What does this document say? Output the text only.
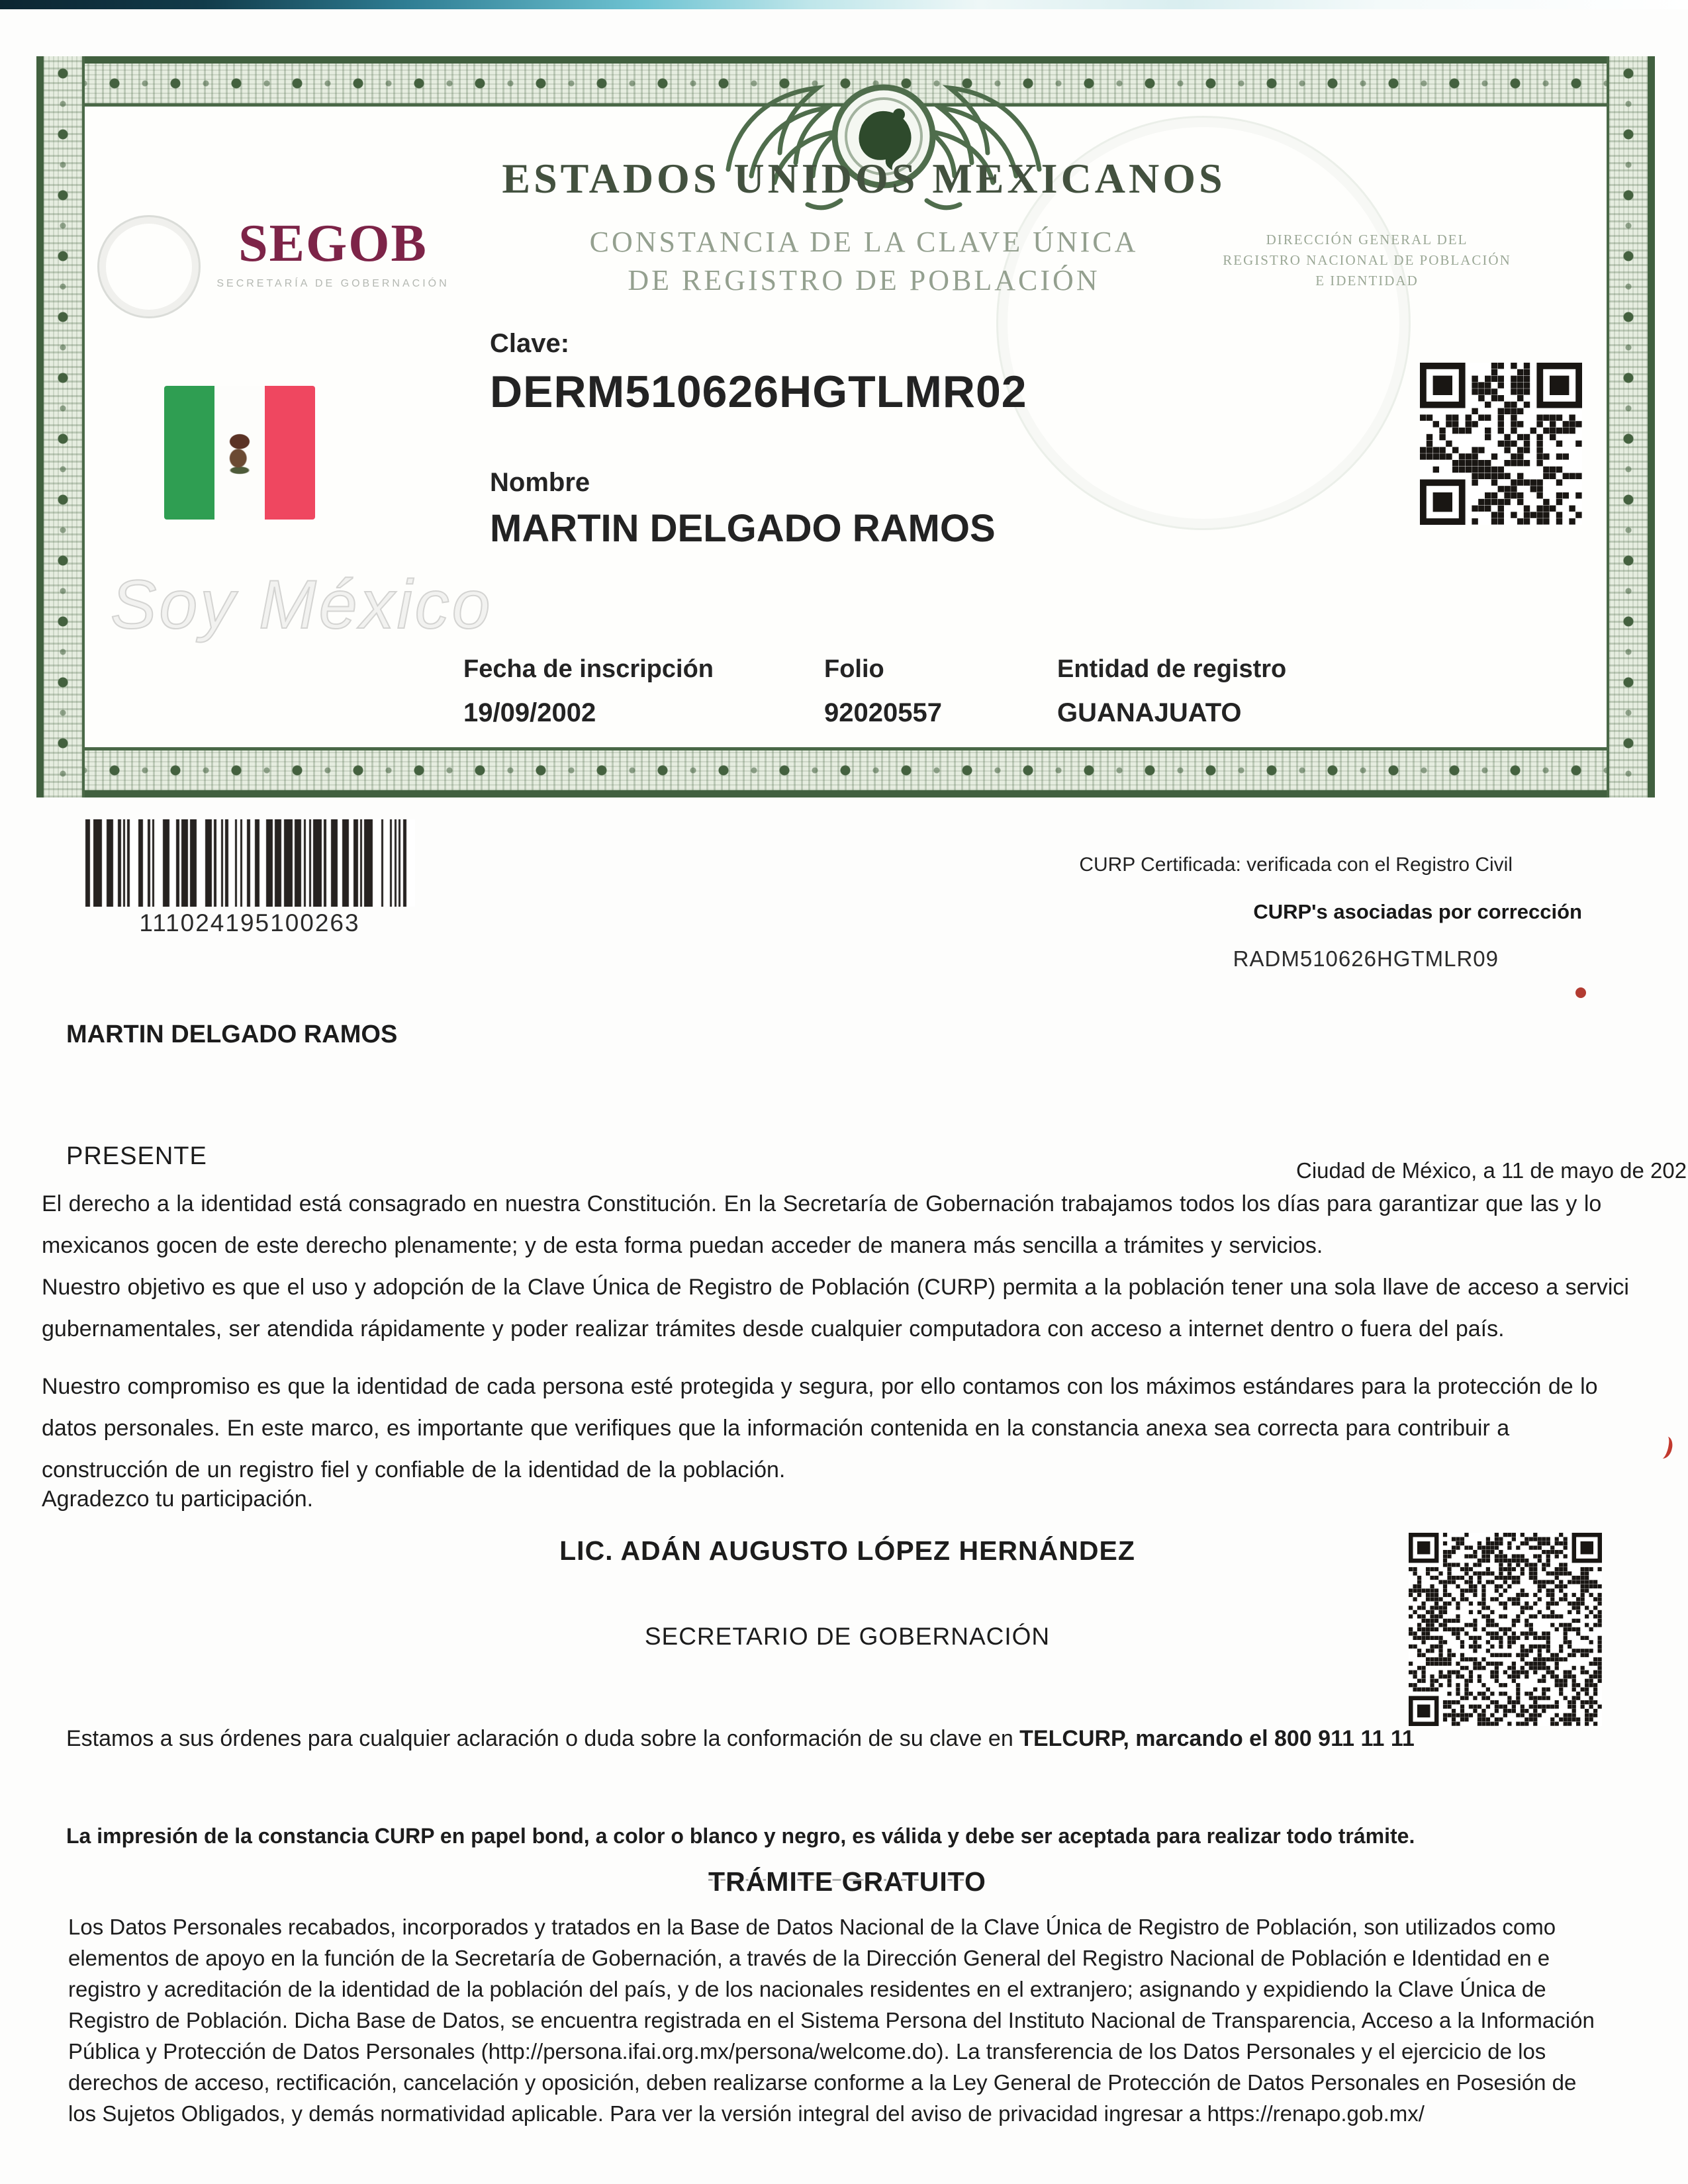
ESTADOS UNIDOS MEXICANOS
CONSTANCIA DE LA CLAVE ÚNICA
DE REGISTRO DE POBLACIÓN
DIRECCIÓN GENERAL DEL
REGISTRO NACIONAL DE POBLACIÓN
E IDENTIDAD
SEGOB
SECRETARÍA DE GOBERNACIÓN
Clave:
DERM510626HGTLMR02
Nombre
MARTIN DELGADO RAMOS
Soy México
Fecha de inscripción	Folio	Entidad de registro
19/09/2002	92020557	GUANAJUATO
111024195100263
CURP Certificada: verificada con el Registro Civil
CURP's asociadas por corrección
RADM510626HGTMLR09
MARTIN DELGADO RAMOS
PRESENTE
Ciudad de México, a 11 de mayo de 202
El derecho a la identidad está consagrado en nuestra Constitución. En la Secretaría de Gobernación trabajamos todos los días para garantizar que las y lo
mexicanos gocen de este derecho plenamente; y de esta forma puedan acceder de manera más sencilla a trámites y servicios.
Nuestro objetivo es que el uso y adopción de la Clave Única de Registro de Población (CURP) permita a la población tener una sola llave de acceso a servici
gubernamentales, ser atendida rápidamente y poder realizar trámites desde cualquier computadora con acceso a internet dentro o fuera del país.
Nuestro compromiso es que la identidad de cada persona esté protegida y segura, por ello contamos con los máximos estándares para la protección de lo
datos personales. En este marco, es importante que verifiques que la información contenida en la constancia anexa sea correcta para contribuir a
construcción de un registro fiel y confiable de la identidad de la población.
Agradezco tu participación.
LIC. ADÁN AUGUSTO LÓPEZ HERNÁNDEZ
SECRETARIO DE GOBERNACIÓN
Estamos a sus órdenes para cualquier aclaración o duda sobre la conformación de su clave en TELCURP, marcando el 800 911 11 11
La impresión de la constancia CURP en papel bond, a color o blanco y negro, es válida y debe ser aceptada para realizar todo trámite.
TRÁMITE GRATUITO
Los Datos Personales recabados, incorporados y tratados en la Base de Datos Nacional de la Clave Única de Registro de Población, son utilizados como
elementos de apoyo en la función de la Secretaría de Gobernación, a través de la Dirección General del Registro Nacional de Población e Identidad en e
registro y acreditación de la identidad de la población del país, y de los nacionales residentes en el extranjero; asignando y expidiendo la Clave Única de
Registro de Población. Dicha Base de Datos, se encuentra registrada en el Sistema Persona del Instituto Nacional de Transparencia, Acceso a la Información
Pública y Protección de Datos Personales (http://persona.ifai.org.mx/persona/welcome.do). La transferencia de los Datos Personales y el ejercicio de los
derechos de acceso, rectificación, cancelación y oposición, deben realizarse conforme a la Ley General de Protección de Datos Personales en Posesión de
los Sujetos Obligados, y demás normatividad aplicable. Para ver la versión integral del aviso de privacidad ingresar a https://renapo.gob.mx/
